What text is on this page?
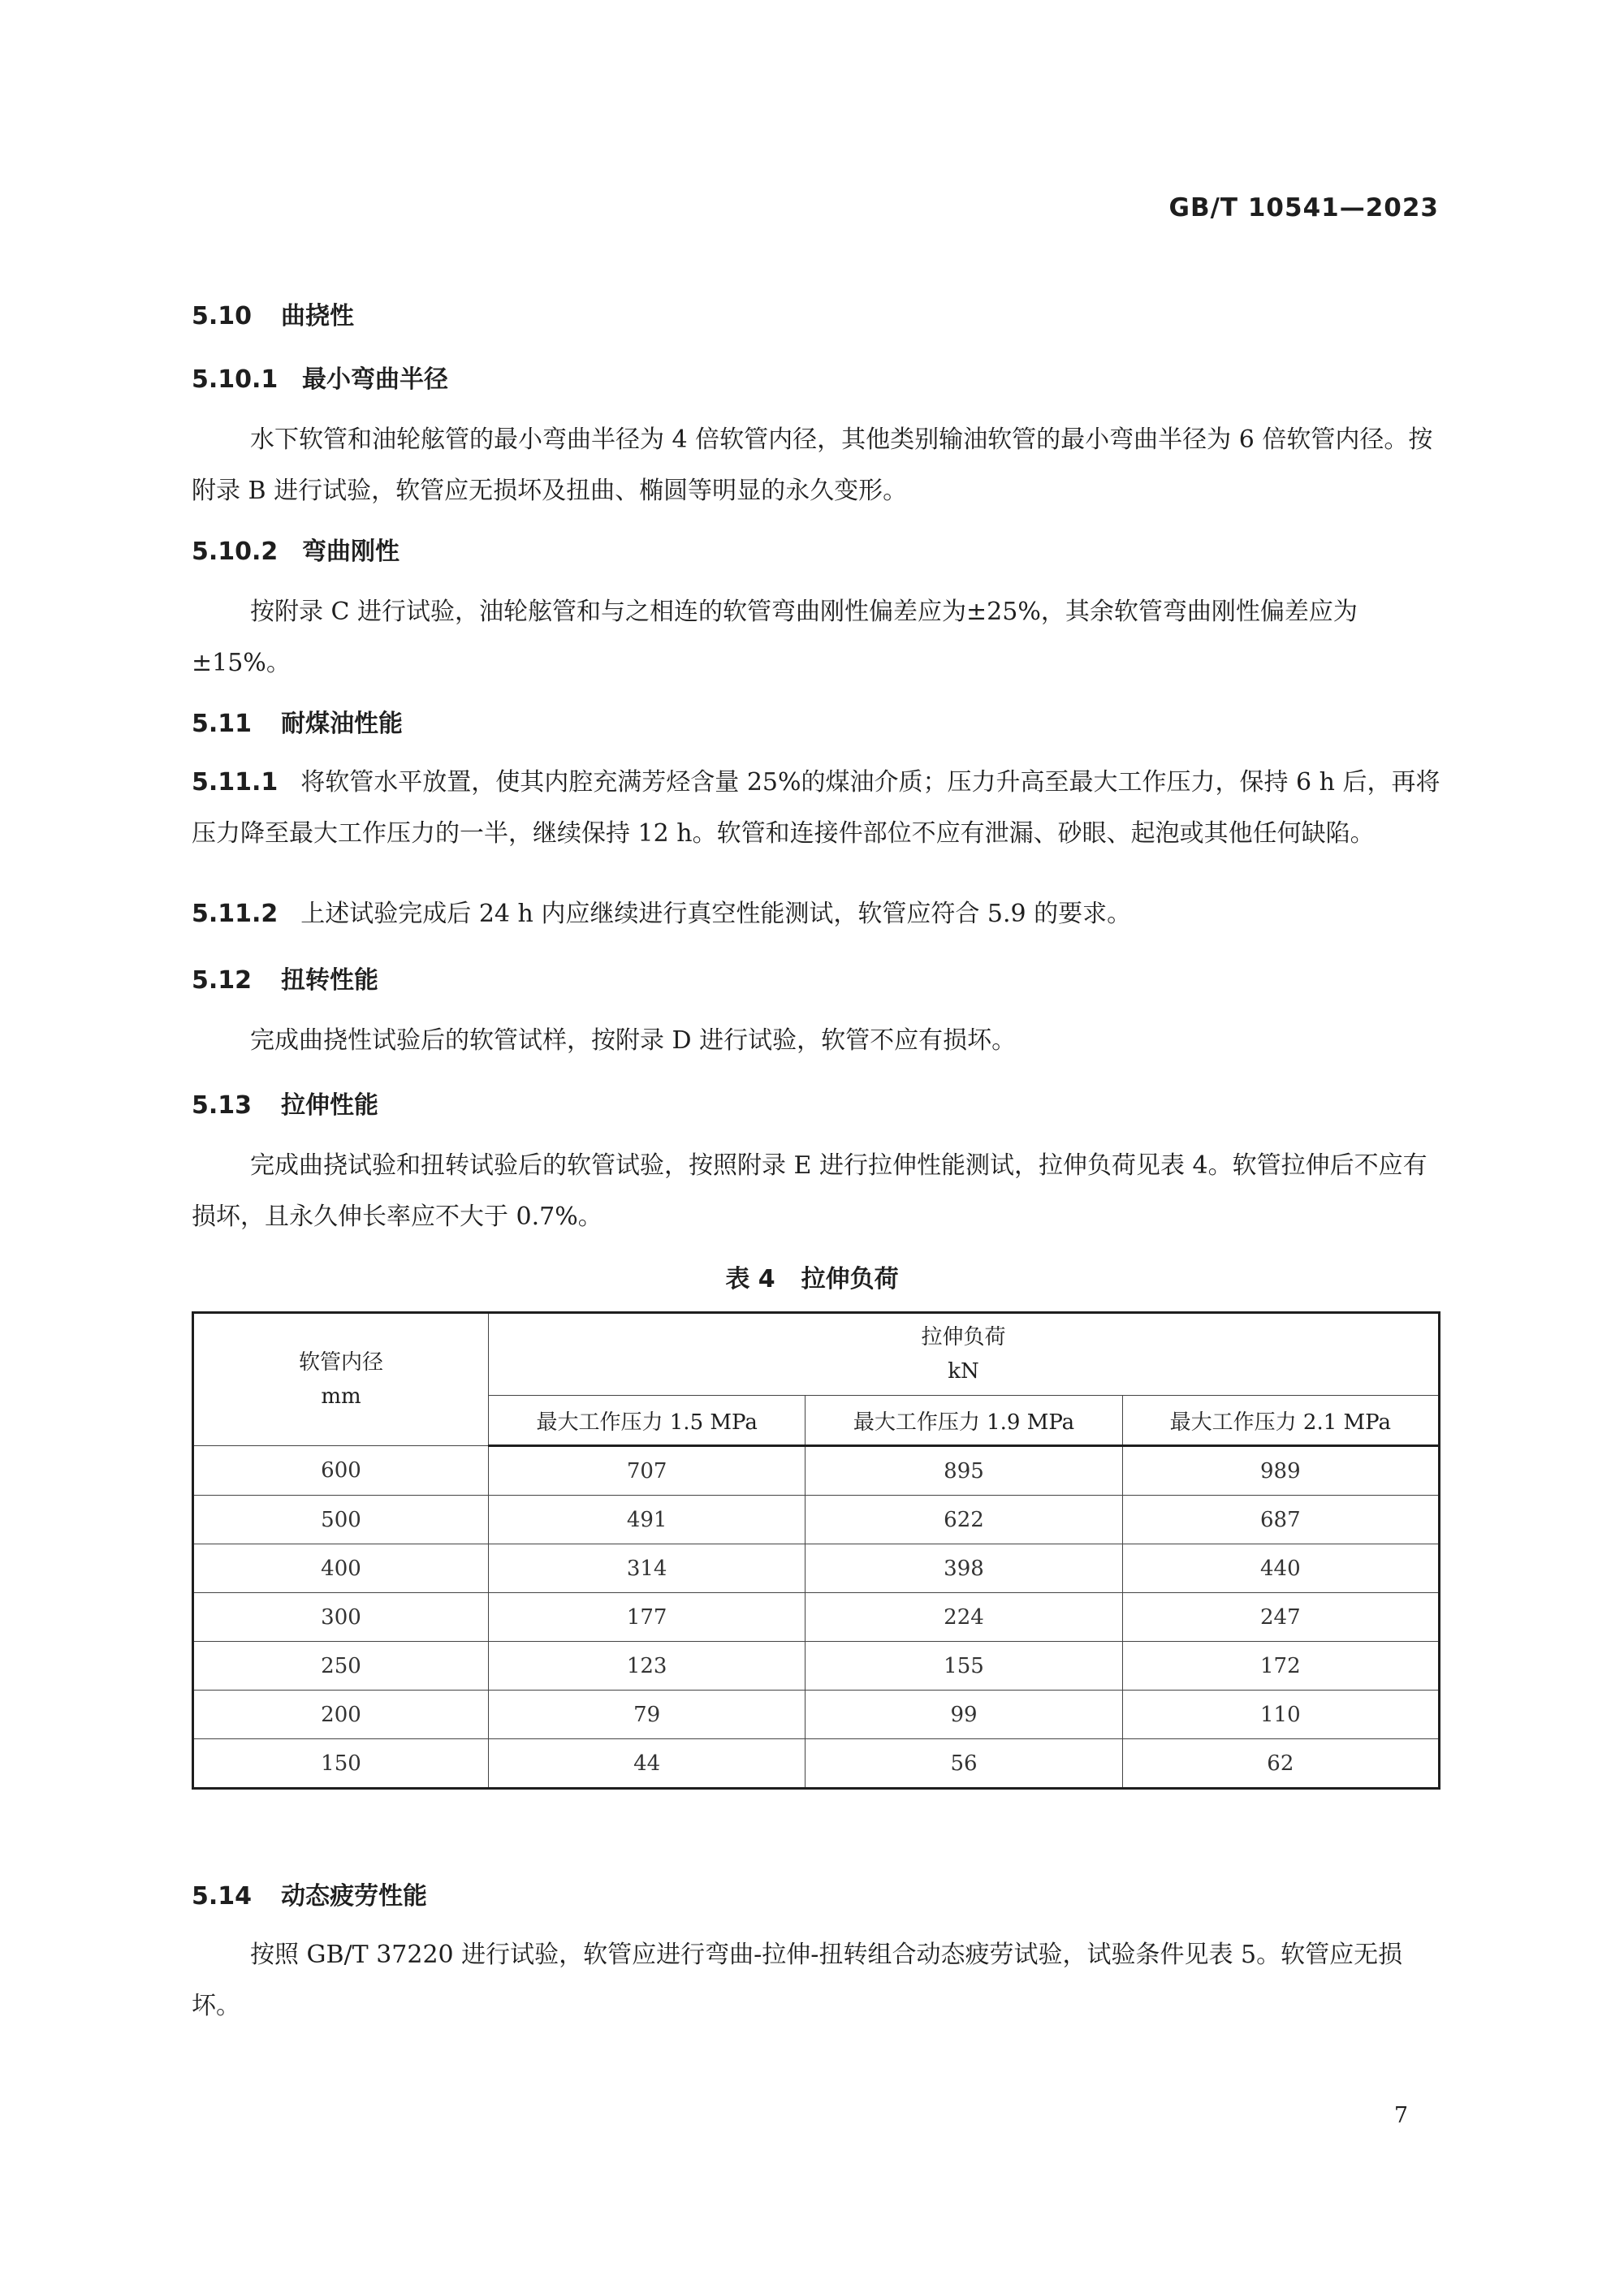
GB/T 10541—2023
5.10 曲挠性
5.10.1 最小弯曲半径

水下软管和油轮舷管的最小弯曲半径为 4 倍软管内径，其他类别输油软管的最小弯曲半径为 6 倍软管内径。按附录 B 进行试验，软管应无损坏及扭曲、椭圆等明显的永久变形。

5.10.2 弯曲刚性

按附录 C 进行试验，油轮舷管和与之相连的软管弯曲刚性偏差应为±25%，其余软管弯曲刚性偏差应为±15%。

5.11 耐煤油性能

5.11.1 将软管水平放置，使其内腔充满芳烃含量 25%的煤油介质；压力升高至最大工作压力，保持 6 h 后，再将压力降至最大工作压力的一半，继续保持 12 h。软管和连接件部位不应有泄漏、砂眼、起泡或其他任何缺陷。

5.11.2 上述试验完成后 24 h 内应继续进行真空性能测试，软管应符合 5.9 的要求。

5.12 扭转性能

完成曲挠性试验后的软管试样，按附录 D 进行试验，软管不应有损坏。

5.13 拉伸性能

完成曲挠试验和扭转试验后的软管试验，按照附录 E 进行拉伸性能测试，拉伸负荷见表 4。软管拉伸后不应有损坏，且永久伸长率应不大于 0.7%。

表 4 拉伸负荷
软管内径
mm	拉伸负荷
kN		
	最大工作压力 1.5 MPa	最大工作压力 1.9 MPa	最大工作压力 2.1 MPa
600	707	895	989
500	491	622	687
400	314	398	440
300	177	224	247
250	123	155	172
200	79	99	110
150	44	56	62
5.14 动态疲劳性能

按照 GB/T 37220 进行试验，软管应进行弯曲-拉伸-扭转组合动态疲劳试验，试验条件见表 5。软管应无损坏。

7
